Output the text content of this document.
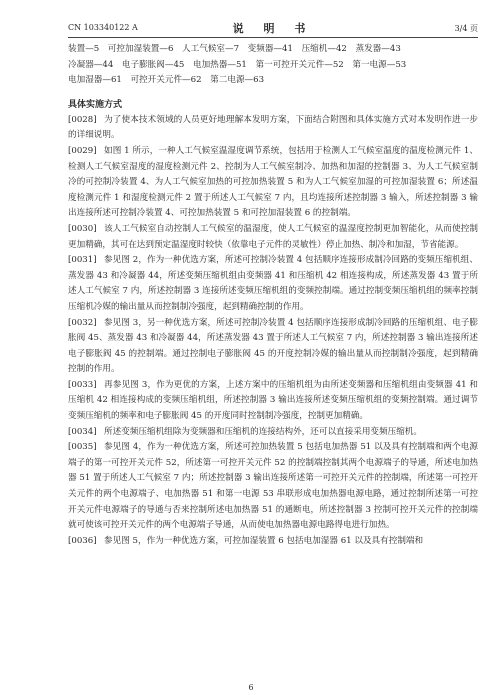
CN 103340122 A	说 明 书	3/4 页

装置—5　可控加湿装置—6　人工气候室—7　变频器—41　压缩机—42　蒸发器—43

冷凝器—44　电子膨胀阀—45　电加热器—51　第一可控开关元件—52　第一电源—53

电加湿器—61　可控开关元件—62　第二电源—63

具体实施方式

[0028] 为了使本技术领域的人员更好地理解本发明方案，下面结合附图和具体实施方式对本发明作进一步的详细说明。

[0029] 如图 1 所示，一种人工气候室温湿度调节系统，包括用于检测人工气候室温度的温度检测元件 1、检测人工气候室湿度的湿度检测元件 2、控制为人工气候室制冷、加热和加湿的控制器 3、为人工气候室制冷的可控制冷装置 4、为人工气候室加热的可控加热装置 5 和为人工气候室加湿的可控加湿装置 6；所述温度检测元件 1 和湿度检测元件 2 置于所述人工气候室 7 内，且均连接所述控制器 3 输入，所述控制器 3 输出连接所述可控制冷装置 4、可控加热装置 5 和可控加湿装置 6 的控制端。

[0030] 该人工气候室自动控制人工气候室的温湿度，使人工气候室的温湿度控制更加智能化，从而使控制更加精确，其可在达到预定温湿度时较快（依靠电子元件的灵敏性）停止加热、制冷和加湿，节省能源。

[0031] 参见图 2，作为一种优选方案，所述可控制冷装置 4 包括顺序连接形成制冷回路的变频压缩机组、蒸发器 43 和冷凝器 44，所述变频压缩机组由变频器 41 和压缩机 42 相连接构成，所述蒸发器 43 置于所述人工气候室 7 内，所述控制器 3 连接所述变频压缩机组的变频控制端。通过控制变频压缩机组的频率控制压缩机冷媒的输出量从而控制制冷强度，起到精确控制的作用。

[0032] 参见图 3，另一种优选方案，所述可控制冷装置 4 包括顺序连接形成制冷回路的压缩机组、电子膨胀阀 45、蒸发器 43 和冷凝器 44，所述蒸发器 43 置于所述人工气候室 7 内，所述控制器 3 输出连接所述电子膨胀阀 45 的控制端。通过控制电子膨胀阀 45 的开度控制冷媒的输出量从而控制制冷强度，起到精确控制的作用。

[0033] 再参见图 3，作为更优的方案，上述方案中的压缩机组为由所述变频器和压缩机组由变频器 41 和压缩机 42 相连接构成的变频压缩机组，所述控制器 3 输出连接所述变频压缩机组的变频控制端。通过调节变频压缩机的频率和电子膨胀阀 45 的开度同时控制制冷强度，控制更加精确。

[0034] 所述变频压缩机组除为变频器和压缩机的连接结构外，还可以直接采用变频压缩机。

[0035] 参见图 4，作为一种优选方案，所述可控加热装置 5 包括电加热器 51 以及具有控制端和两个电源端子的第一可控开关元件 52，所述第一可控开关元件 52 的控制端控制其两个电源端子的导通，所述电加热器 51 置于所述人工气候室 7 内；所述控制器 3 输出连接所述第一可控开关元件的控制端，所述第一可控开关元件的两个电源端子、电加热器 51 和第一电源 53 串联形成电加热器电源电路，通过控制所述第一可控开关元件电源端子的导通与否来控制所述电加热器 51 的通断电，所述控制器 3 控制可控开关元件的控制端就可使该可控开关元件的两个电源端子导通，从而使电加热器电源电路得电进行加热。

[0036] 参见图 5，作为一种优选方案，可控加湿装置 6 包括电加湿器 61 以及具有控制端和

6
